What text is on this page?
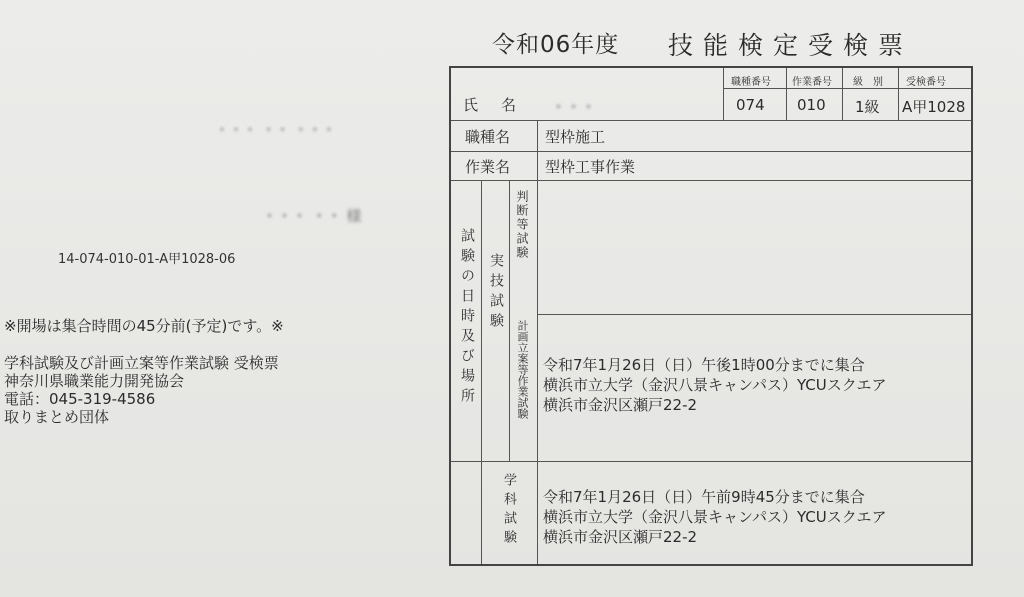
・・・ ・・ ・・・
・・・ ・・ 様
14-074-010-01-A甲1028-06
※開場は集合時間の45分前(予定)です。※
学科試験及び計画立案等作業試験 受検票
神奈川県職業能力開発協会
電話：045-319-4586
取りまとめ団体
令和06年度 技能検定受検票
氏　名 ・・・
職種番号 作業番号 級　別 受検番号
074 010 1級 A甲1028
職種名 型枠施工
作業名 型枠工事作業
試験の日時及び場所 実技試験
判断等試験
計画立案等作業試験
学科試験
令和7年1月26日（日）午後1時00分までに集合
横浜市立大学（金沢八景キャンパス）YCUスクエア
横浜市金沢区瀬戸22-2
令和7年1月26日（日）午前9時45分までに集合
横浜市立大学（金沢八景キャンパス）YCUスクエア
横浜市金沢区瀬戸22-2
